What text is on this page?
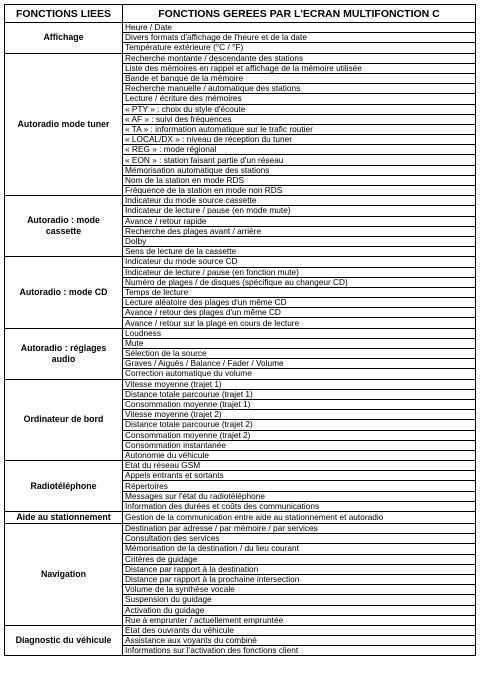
FONCTIONS LIEES	FONCTIONS GEREES PAR L'ECRAN MULTIFONCTION C
Affichage	Heure / Date
	Divers formats d'affichage de l'heure et de la date
	Température extérieure (°C / °F)
Autoradio mode tuner	Recherche montante / descendante des stations
	Liste des mémoires en rappel et affichage de la mémoire utilisée
	Bande et banque de la mémoire
	Recherche manuelle / automatique des stations
	Lecture / écriture des mémoires
	« PTY » : choix du style d'écoute
	« AF » : suivi des fréquences
	« TA » : information automatique sur le trafic routier
	« LOCAL/DX » : niveau de réception du tuner
	« REG » : mode régional
	« EON » : station faisant partie d'un réseau
	Mémorisation automatique des stations
	Nom de la station en mode RDS
	Fréquence de la station en mode non RDS
Autoradio : mode cassette	Indicateur du mode source cassette
	Indicateur de lecture / pause (en mode mute)
	Avance / retour rapide
	Recherche des plages avant / arrière
	Dolby
	Sens de lecture de la cassette
Autoradio : mode CD	Indicateur du mode source CD
	Indicateur de lecture / pause (en fonction mute)
	Numéro de plages / de disques (spécifique au changeur CD)
	Temps de lecture
	Lecture aléatoire des plages d'un même CD
	Avance / retour des plages d'un même CD
	Avance / retour sur la plage en cours de lecture
Autoradio : réglages audio	Loudness
	Mute
	Sélection de la source
	Graves / Aiguës / Balance / Fader / Volume
	Correction automatique du volume
Ordinateur de bord	Vitesse moyenne (trajet 1)
	Distance totale parcourue (trajet 1)
	Consommation moyenne (trajet 1)
	Vitesse moyenne (trajet 2)
	Distance totale parcourue (trajet 2)
	Consommation moyenne (trajet 2)
	Consommation instantanée
	Autonomie du véhicule
Radiotéléphone	Etat du réseau GSM
	Appels entrants et sortants
	Répertoires
	Messages sur l'état du radiotéléphone
	Information des durées et coûts des communications
Aide au stationnement	Gestion de la communication entre aide au stationnement et autoradio
Navigation	Destination par adresse / par mémoire / par services
	Consultation des services
	Mémorisation de la destination / du lieu courant
	Critères de guidage
	Distance par rapport à la destination
	Distance par rapport à la prochaine intersection
	Volume de la synthèse vocale
	Suspension du guidage
	Activation du guidage
	Rue à emprunter / actuellement empruntée
Diagnostic du véhicule	Etat des ouvrants du véhicule
	Assistance aux voyants du combiné
	Informations sur l'activation des fonctions client
